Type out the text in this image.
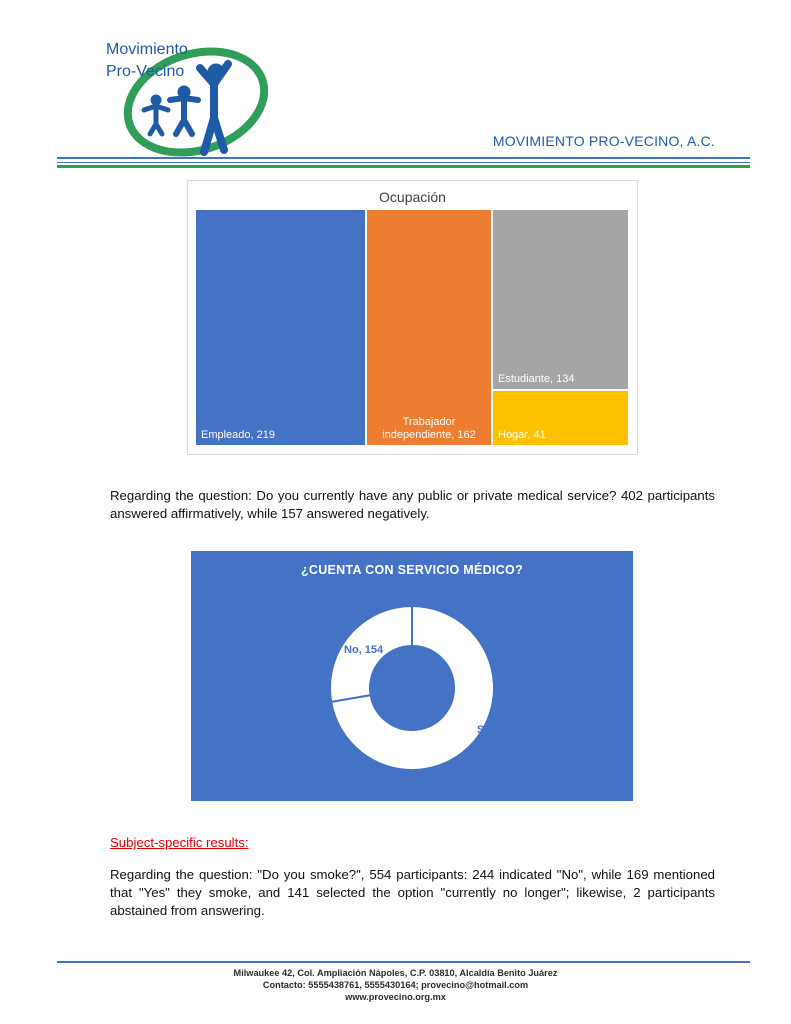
Movimiento
Pro-Vecino
MOVIMIENTO PRO-VECINO, A.C.
Ocupación
Empleado, 219
Trabajador
independiente, 162
Estudiante, 134
Hogar, 41
Regarding the question: Do you currently have any public or private medical service? 402 participants answered affirmatively, while 157 answered negatively.
¿CUENTA CON SERVICIO MÉDICO?
Sí, 402
No, 154
Subject-specific results:
Regarding the question: "Do you smoke?", 554 participants: 244 indicated "No", while 169 mentioned that "Yes" they smoke, and 141 selected the option "currently no longer"; likewise, 2 participants abstained from answering.
Milwaukee 42, Col. Ampliación Nápoles, C.P. 03810, Alcaldía Benito Juárez
Contacto: 5555438761, 5555430164; provecino@hotmail.com
www.provecino.org.mx
